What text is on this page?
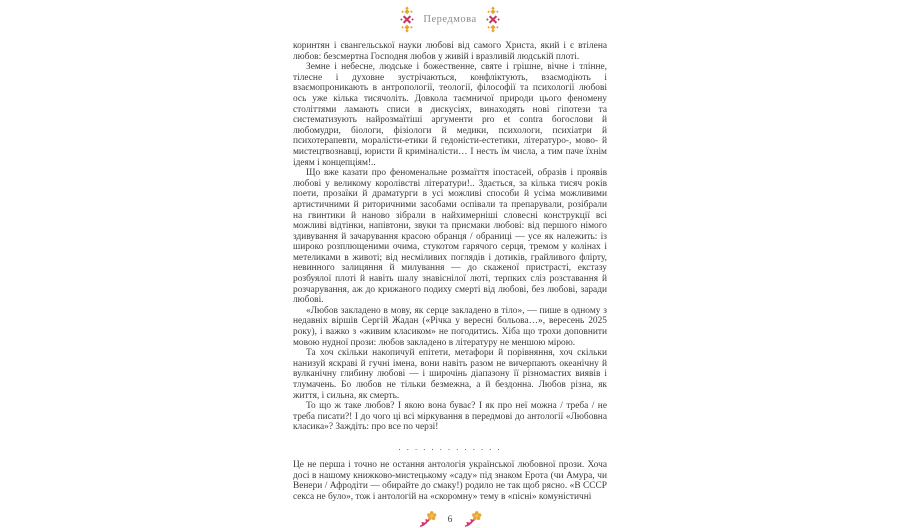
Передмова

коринтян і євангельської науки любові від самого Христа, який і є втілена любов: безсмертна Господня любов у живій і вразливій людській плоті.

Земне і небесне, людське і божественне, святе і грішне, вічне і тлінне, тілесне і духовне зустрічаються, конфліктують, взаємодіють і взаємопроникають в антропології, теології, філософії та психології любові ось уже кілька тисячоліть. Довкола таємничої природи цього феномену століттями ламають списи в дискусіях, винаходять нові гіпотези та систематизують найрозмаїтіші аргументи pro et contra богослови й любомудри, біологи, фізіологи й медики, психологи, психіатри й психотерапевти, моралісти-етики й гедоністи-естетики, літературо-, мово- й мистецтвознавці, юристи й криміналісти… І несть їм числа, а тим паче їхнім ідеям і концепціям!..

Що вже казати про феноменальне розмаїття іпостасей, образів і проявів любові у великому королівстві літератури!.. Здається, за кілька тисяч років поети, прозаїки й драматурги в усі можливі способи й усіма можливими артистичними й риторичними засобами оспівали та препарували, розібрали на гвинтики й наново зібрали в найхимерніші словесні конструкції всі можливі відтінки, напівтони, звуки та присмаки любові: від першого німого здивування й зачарування красою обранця / обраниці — усе як належить: із широко розплющеними очима, стукотом гарячого серця, тремом у колінах і метеликами в животі; від несміливих поглядів і дотиків, грайливого флірту, невинного залицяння й милування — до скаженої пристрасті, екстазу розбуялої плоті й навіть шалу знавіснілої люті, терпких сліз розставання й розчарування, аж до крижаного подиху смерті від любові, без любові, заради любові.

«Любов закладено в мову, як серце закладено в тіло», — пише в одному з недавніх віршів Сергій Жадан («Річка у вересні больова…», вересень 2025 року), і важко з «живим класиком» не погодитись. Хіба що трохи доповнити мовою нудної прози: любов закладено в літературу не меншою мірою.

Та хоч скільки накопичуй епітети, метафори й порівняння, хоч скільки нанизуй яскраві й гучні імена, вони навіть разом не вичерпають океанічну й вулканічну глибину любові — і широчінь діапазону її різномастих виявів і тлумачень. Бо любов не тільки безмежна, а й бездонна. Любов різна, як життя, і сильна, як смерть.

То що ж таке любов? І якою вона буває? І як про неї можна / треба / не треба писати?! І до чого ці всі міркування в передмові до антології «Любовна класика»? Заждіть: про все по черзі!

. . . . . . . . . . . . .

Це не перша і точно не остання антологія української любовної прози. Хоча досі в нашому книжково-мистецькому «саду» під знаком Ерота (чи Амура, чи Венери / Афродіти — обирайте до смаку!) родило не так щоб рясно. «В СССР секса не було», тож і антологій на «скоромну» тему в «пісні» комуністичні

6
